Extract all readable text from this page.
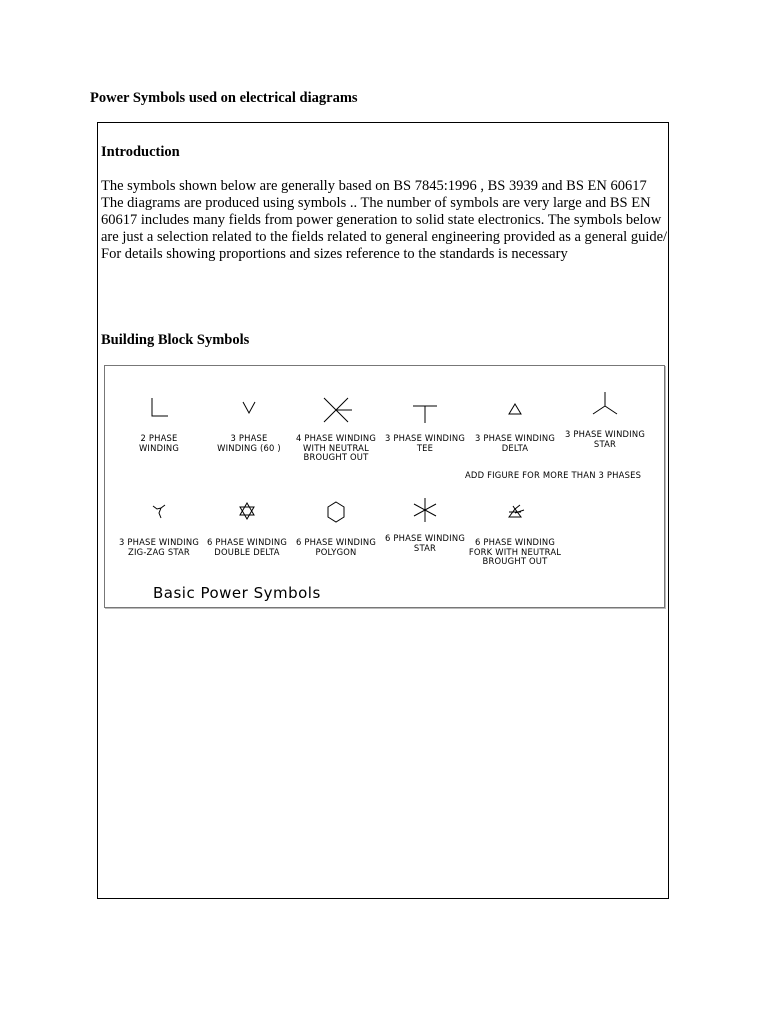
Power Symbols used on electrical diagrams
Introduction

The symbols shown below are generally based on BS 7845:1996 , BS 3939 and BS EN 60617

The diagrams are produced using symbols .. The number of symbols are very large and BS EN 60617 includes many fields from power generation to solid state electronics. The symbols below are just a selection related to the fields related to general engineering provided as a general guide/ For details showing proportions and sizes reference to the standards is necessary

Building Block Symbols
2 PHASE
WINDING
3 PHASE
WINDING (60 )
4 PHASE WINDING
WITH NEUTRAL
BROUGHT OUT
3 PHASE WINDING
TEE
3 PHASE WINDING
DELTA
3 PHASE WINDING
STAR
ADD FIGURE FOR MORE THAN 3 PHASES
3 PHASE WINDING
ZIG-ZAG STAR
6 PHASE WINDING
DOUBLE DELTA
6 PHASE WINDING
POLYGON
6 PHASE WINDING
STAR
6 PHASE WINDING
FORK WITH NEUTRAL
BROUGHT OUT
Basic Power Symbols
